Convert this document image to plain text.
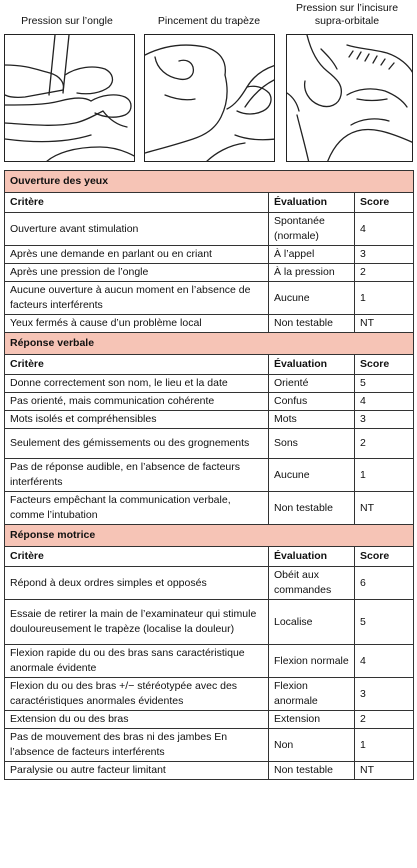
Pression sur l’ongle	Pincement du trapèze
Pression sur l’incisure supra-orbitale
Ouverture des yeux		
Critère	Évaluation	Score
Ouverture avant stimulation	Spontanée (normale)	4
Après une demande en parlant ou en criant	À l’appel	3
Après une pression de l’ongle	À la pression	2
Aucune ouverture à aucun moment en l’absence de facteurs interférents	Aucune	1
Yeux fermés à cause d’un problème local	Non testable	NT
Réponse verbale		
Critère	Évaluation	Score
Donne correctement son nom, le lieu et la date	Orienté	5
Pas orienté, mais communication cohérente	Confus	4
Mots isolés et compréhensibles	Mots	3
Seulement des gémissements ou des grognements	Sons	2
Pas de réponse audible, en l’absence de facteurs interférents	Aucune	1
Facteurs empêchant la communication verbale, comme l’intubation	Non testable	NT
Réponse motrice		
Critère	Évaluation	Score
Répond à deux ordres simples et opposés	Obéit aux commandes	6
Essaie de retirer la main de l’examinateur qui stimule douloureusement le trapèze (localise la douleur)	Localise	5
Flexion rapide du ou des bras sans caractéristique anormale évidente	Flexion normale	4
Flexion du ou des bras +/− stéréotypée avec des caractéristiques anormales évidentes	Flexion anormale	3
Extension du ou des bras	Extension	2
Pas de mouvement des bras ni des jambes En l’absence de facteurs interférents	Non	1
Paralysie ou autre facteur limitant	Non testable	NT
